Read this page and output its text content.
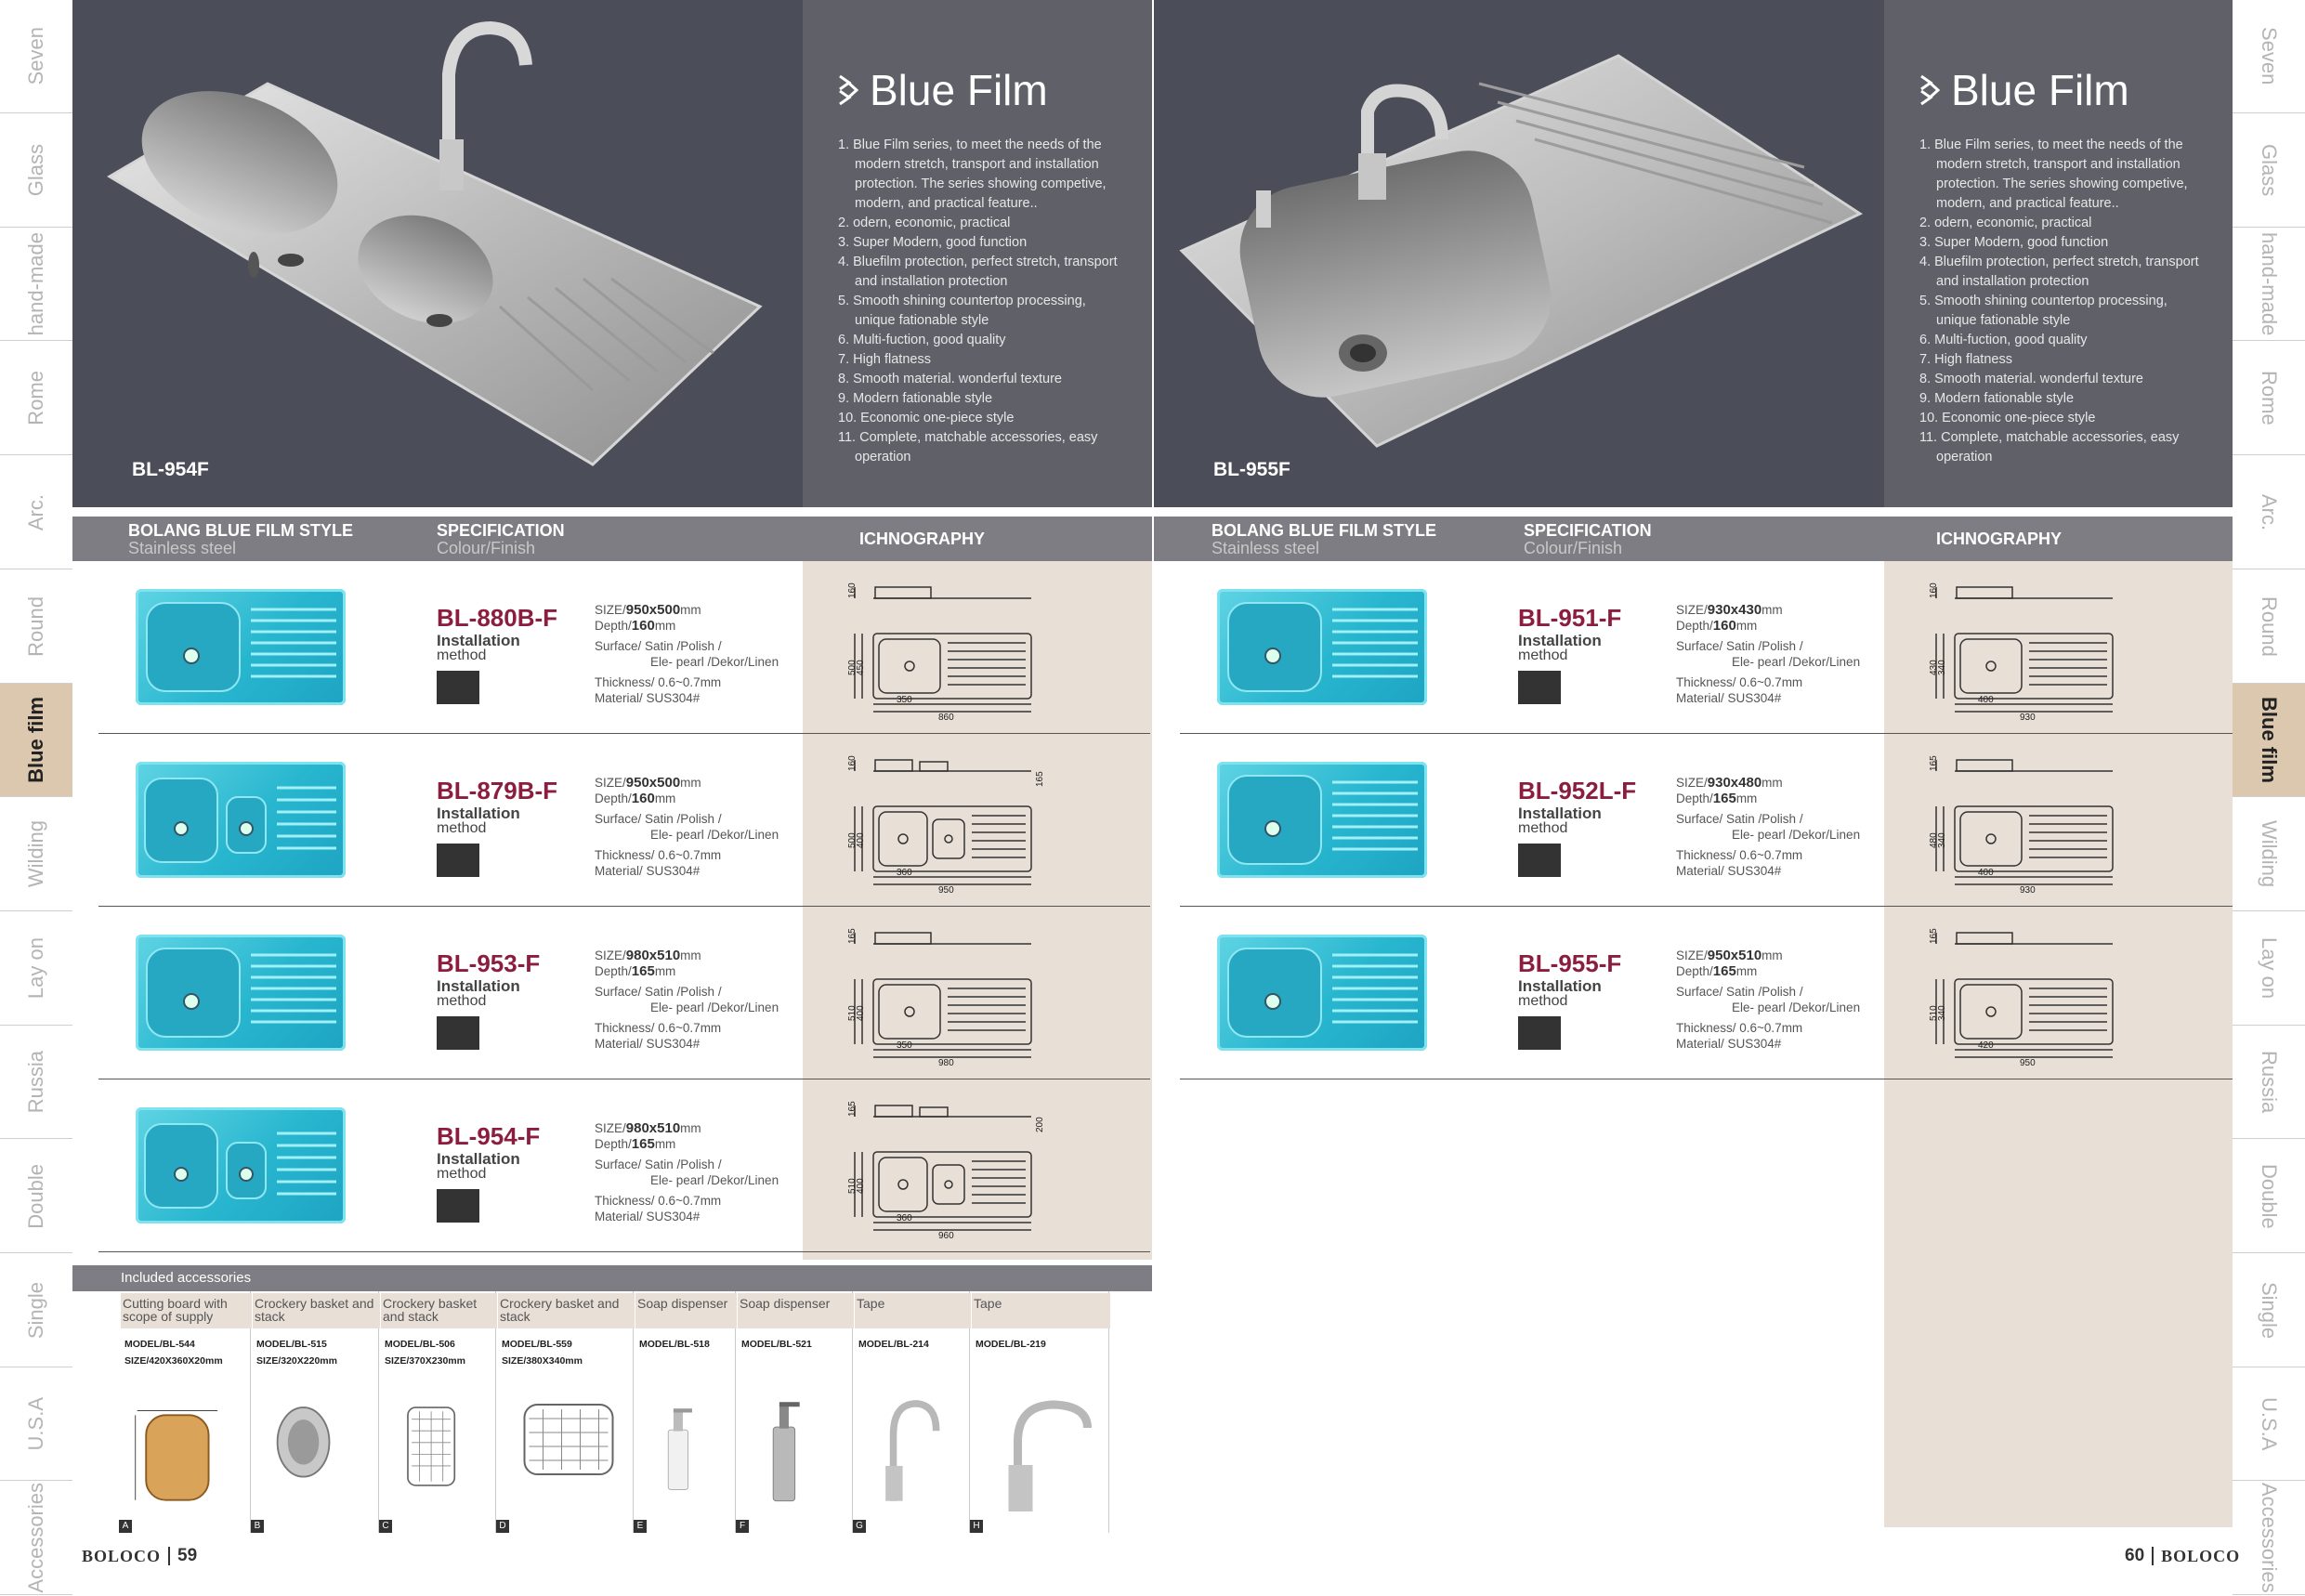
Seven
Glass
hand-made
Rome
Arc.
Round
Blue film
Wilding
Lay on
Russia
Double
Single
U.S.A
Accessories
Seven
Glass
hand-made
Rome
Arc.
Round
Blue film
Wilding
Lay on
Russia
Double
Single
U.S.A
Accessories
BL-954F
Blue Film
1. Blue Film series, to meet the needs of the modern stretch, transport and installation protection. The series showing competive, modern, and practical feature..
2. odern, economic, practical
3. Super Modern, good function
4. Bluefilm protection, perfect stretch, transport and installation protection
5. Smooth shining countertop processing, unique fationable style
6. Multi-fuction, good quality
7. High flatness
8. Smooth material. wonderful texture
9. Modern fationable style
10. Economic one-piece style
11. Complete, matchable accessories, easy operation
BOLANG BLUE FILM STYLE
Stainless steel
SPECIFICATION
Colour/Finish	ICHNOGRAPHY
BL-880B-F
Installation
method
SIZE/950x500mm
Depth/160mm
Surface/ Satin /Polish /
Ele- pearl /Dekor/Linen
Thickness/ 0.6~0.7mm
Material/ SUS304#
160
350
860
500
450
BL-879B-F
Installation
method
SIZE/950x500mm
Depth/160mm
Surface/ Satin /Polish /
Ele- pearl /Dekor/Linen
Thickness/ 0.6~0.7mm
Material/ SUS304#
160
360
950
500
400
165
BL-953-F
Installation
method
SIZE/980x510mm
Depth/165mm
Surface/ Satin /Polish /
Ele- pearl /Dekor/Linen
Thickness/ 0.6~0.7mm
Material/ SUS304#
165
350
980
510
400
BL-954-F
Installation
method
SIZE/980x510mm
Depth/165mm
Surface/ Satin /Polish /
Ele- pearl /Dekor/Linen
Thickness/ 0.6~0.7mm
Material/ SUS304#
165
360
960
510
400
200
Included accessories
Cutting board with scope of supply
MODEL/BL-544
SIZE/420X360X20mm
A
Crockery basket and stack
MODEL/BL-515
SIZE/320X220mm
B
Crockery basket and stack
MODEL/BL-506
SIZE/370X230mm
C
Crockery basket and stack
MODEL/BL-559
SIZE/380X340mm
D
Soap dispenser
MODEL/BL-518
E
Soap dispenser
MODEL/BL-521
F
Tape
MODEL/BL-214
G
Tape
MODEL/BL-219
H
BOLOCO 59
BL-955F
Blue Film
1. Blue Film series, to meet the needs of the modern stretch, transport and installation protection. The series showing competive, modern, and practical feature..
2. odern, economic, practical
3. Super Modern, good function
4. Bluefilm protection, perfect stretch, transport and installation protection
5. Smooth shining countertop processing, unique fationable style
6. Multi-fuction, good quality
7. High flatness
8. Smooth material. wonderful texture
9. Modern fationable style
10. Economic one-piece style
11. Complete, matchable accessories, easy operation
BOLANG BLUE FILM STYLE
Stainless steel
SPECIFICATION
Colour/Finish	ICHNOGRAPHY
BL-951-F
Installation
method
SIZE/930x430mm
Depth/160mm
Surface/ Satin /Polish /
Ele- pearl /Dekor/Linen
Thickness/ 0.6~0.7mm
Material/ SUS304#
160
400
930
430
340
BL-952L-F
Installation
method
SIZE/930x480mm
Depth/165mm
Surface/ Satin /Polish /
Ele- pearl /Dekor/Linen
Thickness/ 0.6~0.7mm
Material/ SUS304#
165
400
930
480
340
BL-955-F
Installation
method
SIZE/950x510mm
Depth/165mm
Surface/ Satin /Polish /
Ele- pearl /Dekor/Linen
Thickness/ 0.6~0.7mm
Material/ SUS304#
165
420
950
510
340
60 BOLOCO
